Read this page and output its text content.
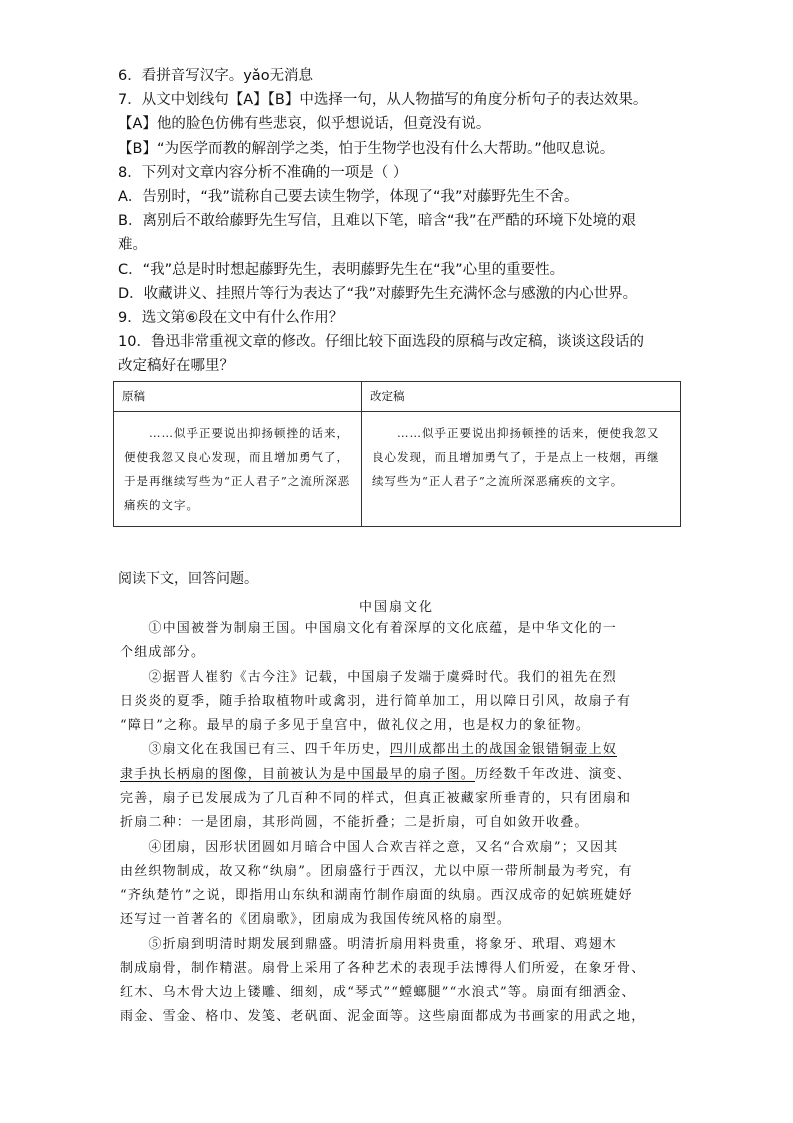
6．看拼音写汉字。yǎo无消息
7．从文中划线句【A】【B】中选择一句，从人物描写的角度分析句子的表达效果。
【A】他的脸色仿佛有些悲哀，似乎想说话，但竟没有说。
【B】“为医学而教的解剖学之类，怕于生物学也没有什么大帮助。”他叹息说。
8．下列对文章内容分析不准确的一项是（ ）
A．告别时，“我”谎称自己要去读生物学，体现了“我”对藤野先生不舍。
B．离别后不敢给藤野先生写信，且难以下笔，暗含“我”在严酷的环境下处境的艰
难。
C．“我”总是时时想起藤野先生，表明藤野先生在“我”心里的重要性。
D．收藏讲义、挂照片等行为表达了“我”对藤野先生充满怀念与感激的内心世界。
9．选文第⑥段在文中有什么作用？
10．鲁迅非常重视文章的修改。仔细比较下面选段的原稿与改定稿，谈谈这段话的
改定稿好在哪里？
原稿	改定稿
　　……似乎正要说出抑扬顿挫的话来，便使我忽又良心发现，而且增加勇气了，于是再继续写些为“正人君子”之流所深恶痛疾的文字。	　　……似乎正要说出抑扬顿挫的话来，便使我忽又良心发现，而且增加勇气了，于是点上一枝烟，再继续写些为“正人君子”之流所深恶痛疾的文字。
阅读下文，回答问题。
中国扇文化
　　①中国被誉为制扇王国。中国扇文化有着深厚的文化底蕴，是中华文化的一
个组成部分。
　　②据晋人崔豹《古今注》记载，中国扇子发端于虞舜时代。我们的祖先在烈
日炎炎的夏季，随手拾取植物叶或禽羽，进行简单加工，用以障日引风，故扇子有
“障日”之称。最早的扇子多见于皇宫中，做礼仪之用，也是权力的象征物。
　　③扇文化在我国已有三、四千年历史，四川成都出土的战国金银错铜壶上奴
隶手执长柄扇的图像，目前被认为是中国最早的扇子图。历经数千年改进、演变、
完善，扇子已发展成为了几百种不同的样式，但真正被藏家所垂青的，只有团扇和
折扇二种：一是团扇，其形尚圆，不能折叠；二是折扇，可自如敛开收叠。
　　④团扇，因形状团圆如月暗合中国人合欢吉祥之意，又名“合欢扇”；又因其
由丝织物制成，故又称“纨扇”。团扇盛行于西汉，尤以中原一带所制最为考究，有
“齐纨楚竹”之说，即指用山东纨和湖南竹制作扇面的纨扇。西汉成帝的妃嫔班婕妤
还写过一首著名的《团扇歌》，团扇成为我国传统风格的扇型。
　　⑤折扇到明清时期发展到鼎盛。明清折扇用料贵重，将象牙、玳瑁、鸡翅木
制成扇骨，制作精湛。扇骨上采用了各种艺术的表现手法博得人们所爱，在象牙骨、
红木、乌木骨大边上镂雕、细刻，成“琴式”“螳螂腿”“水浪式”等。扇面有细洒金、
雨金、雪金、格巾、发笺、老矾面、泥金面等。这些扇面都成为书画家的用武之地，
